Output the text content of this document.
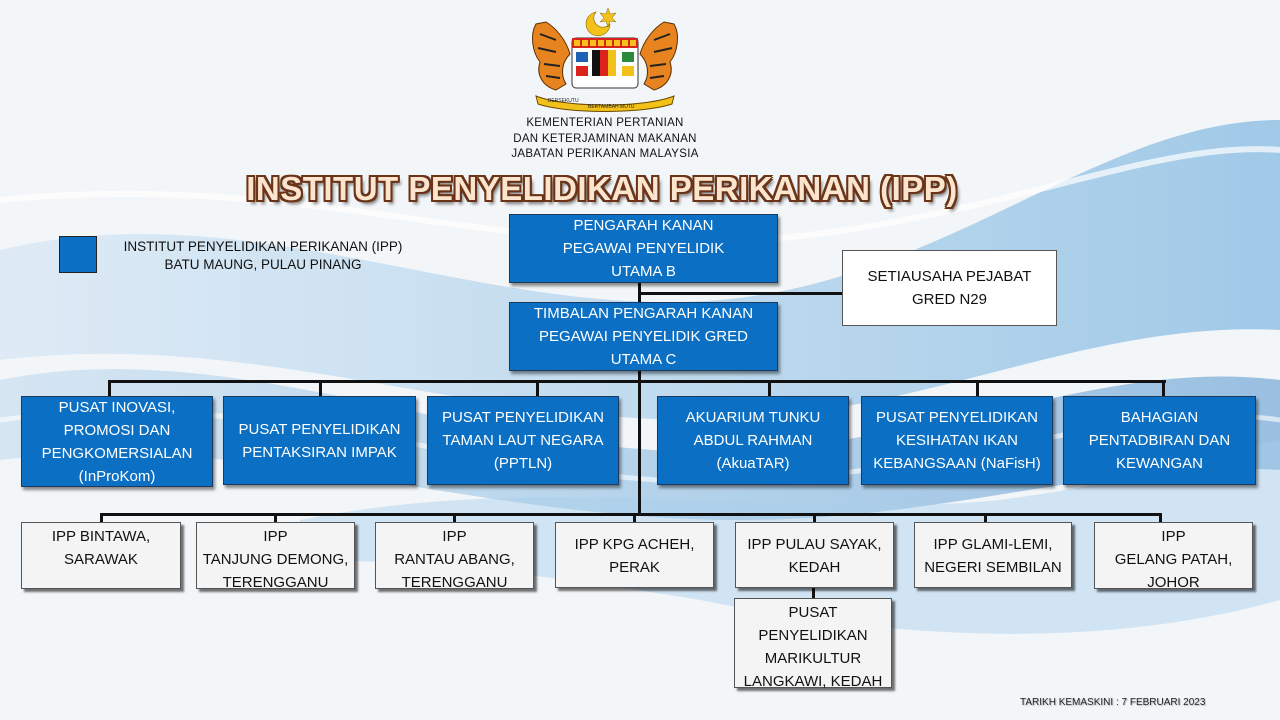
BERSEKUTU
BERTAMBAH MUTU
KEMENTERIAN PERTANIAN
DAN KETERJAMINAN MAKANAN
JABATAN PERIKANAN MALAYSIA
INSTITUT PENYELIDIKAN PERIKANAN (IPP)
INSTITUT PENYELIDIKAN PERIKANAN (IPP)
BATU MAUNG, PULAU PINANG
PENGARAH KANAN
PEGAWAI PENYELIDIK
UTAMA B	SETIAUSAHA PEJABAT
GRED N29
TIMBALAN PENGARAH KANAN
PEGAWAI PENYELIDIK GRED
UTAMA C
PUSAT INOVASI,
PROMOSI DAN
PENGKOMERSIALAN
(InProKom)
PUSAT PENYELIDIKAN
PENTAKSIRAN IMPAK
PUSAT PENYELIDIKAN
TAMAN LAUT NEGARA
(PPTLN)
AKUARIUM TUNKU
ABDUL RAHMAN
(AkuaTAR)
PUSAT PENYELIDIKAN
KESIHATAN IKAN
KEBANGSAAN (NaFisH)
BAHAGIAN
PENTADBIRAN DAN
KEWANGAN
IPP BINTAWA,
SARAWAK
IPP
TANJUNG DEMONG,
TERENGGANU
IPP
RANTAU ABANG,
TERENGGANU
IPP KPG ACHEH,
PERAK
IPP PULAU SAYAK,
KEDAH
IPP GLAMI-LEMI,
NEGERI SEMBILAN
IPP
GELANG PATAH,
JOHOR
PUSAT
PENYELIDIKAN
MARIKULTUR
LANGKAWI, KEDAH
TARIKH KEMASKINI : 7 FEBRUARI 2023
